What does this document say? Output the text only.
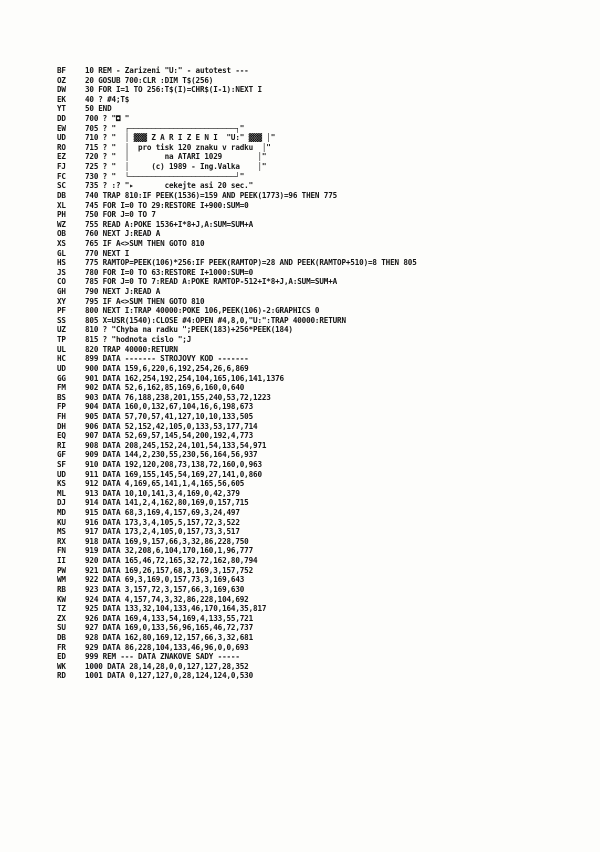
BF	10 REM - Zarizeni "U:" - autotest ---
OZ	20 GOSUB 700:CLR :DIM T$(256)
DW	30 FOR I=1 TO 256:T$(I)=CHR$(I-1):NEXT I
EK	40 ? #4;T$
YT	50 END
DD	700 ? "◘ "
EW	705 ? "  ┌────────────────────────┐"
UD	710 ? "  │ ▓▓▓ Z A R I Z E N I  "U:" ▓▓▓ │"
RO	715 ? "  │  pro tisk 120 znaku v radku  │"
EZ	720 ? "  │        na ATARI 1029        │"
FJ	725 ? "  │     (c) 1989 - Ing.Valka    │"
FC	730 ? "  └────────────────────────┘"
SC	735 ? :? "▸       cekejte asi 20 sec."
DB	740 TRAP 810:IF PEEK(1536)=159 AND PEEK(1773)=96 THEN 775
XL	745 FOR I=0 TO 29:RESTORE I+900:SUM=0
PH	750 FOR J=0 TO 7
WZ	755 READ A:POKE 1536+I*8+J,A:SUM=SUM+A
OB	760 NEXT J:READ A
XS	765 IF A<>SUM THEN GOTO 810
GL	770 NEXT I
HS	775 RAMTOP=PEEK(106)*256:IF PEEK(RAMTOP)=28 AND PEEK(RAMTOP+510)=8 THEN 805
JS	780 FOR I=0 TO 63:RESTORE I+1000:SUM=0
CO	785 FOR J=0 TO 7:READ A:POKE RAMTOP-512+I*8+J,A:SUM=SUM+A
GH	790 NEXT J:READ A
XY	795 IF A<>SUM THEN GOTO 810
PF	800 NEXT I:TRAP 40000:POKE 106,PEEK(106)-2:GRAPHICS 0
SS	805 X=USR(1540):CLOSE #4:OPEN #4,8,0,"U:":TRAP 40000:RETURN
UZ	810 ? "Chyba na radku ";PEEK(183)+256*PEEK(184)
TP	815 ? "hodnota cislo ";J
UL	820 TRAP 40000:RETURN
HC	899 DATA ------- STROJOVY KOD -------
UD	900 DATA 159,6,220,6,192,254,26,6,869
GG	901 DATA 162,254,192,254,104,165,106,141,1376
FM	902 DATA 52,6,162,85,169,6,160,0,640
BS	903 DATA 76,188,238,201,155,240,53,72,1223
FP	904 DATA 160,0,132,67,104,16,6,198,673
FH	905 DATA 57,70,57,41,127,10,10,133,505
DH	906 DATA 52,152,42,105,0,133,53,177,714
EQ	907 DATA 52,69,57,145,54,200,192,4,773
RI	908 DATA 208,245,152,24,101,54,133,54,971
GF	909 DATA 144,2,230,55,230,56,164,56,937
SF	910 DATA 192,120,208,73,138,72,160,0,963
UD	911 DATA 169,155,145,54,169,27,141,0,860
KS	912 DATA 4,169,65,141,1,4,165,56,605
ML	913 DATA 10,10,141,3,4,169,0,42,379
DJ	914 DATA 141,2,4,162,80,169,0,157,715
MD	915 DATA 68,3,169,4,157,69,3,24,497
KU	916 DATA 173,3,4,105,5,157,72,3,522
MS	917 DATA 173,2,4,105,0,157,73,3,517
RX	918 DATA 169,9,157,66,3,32,86,228,750
FN	919 DATA 32,208,6,104,170,160,1,96,777
II	920 DATA 165,46,72,165,32,72,162,80,794
PW	921 DATA 169,26,157,68,3,169,3,157,752
WM	922 DATA 69,3,169,0,157,73,3,169,643
RB	923 DATA 3,157,72,3,157,66,3,169,630
KW	924 DATA 4,157,74,3,32,86,228,104,692
TZ	925 DATA 133,32,104,133,46,170,164,35,817
ZX	926 DATA 169,4,133,54,169,4,133,55,721
SU	927 DATA 169,0,133,56,96,165,46,72,737
DB	928 DATA 162,80,169,12,157,66,3,32,681
FR	929 DATA 86,228,104,133,46,96,0,0,693
ED	999 REM --- DATA ZNAKOVE SADY -----
WK	1000 DATA 28,14,28,0,0,127,127,28,352
RD	1001 DATA 0,127,127,0,28,124,124,0,530
